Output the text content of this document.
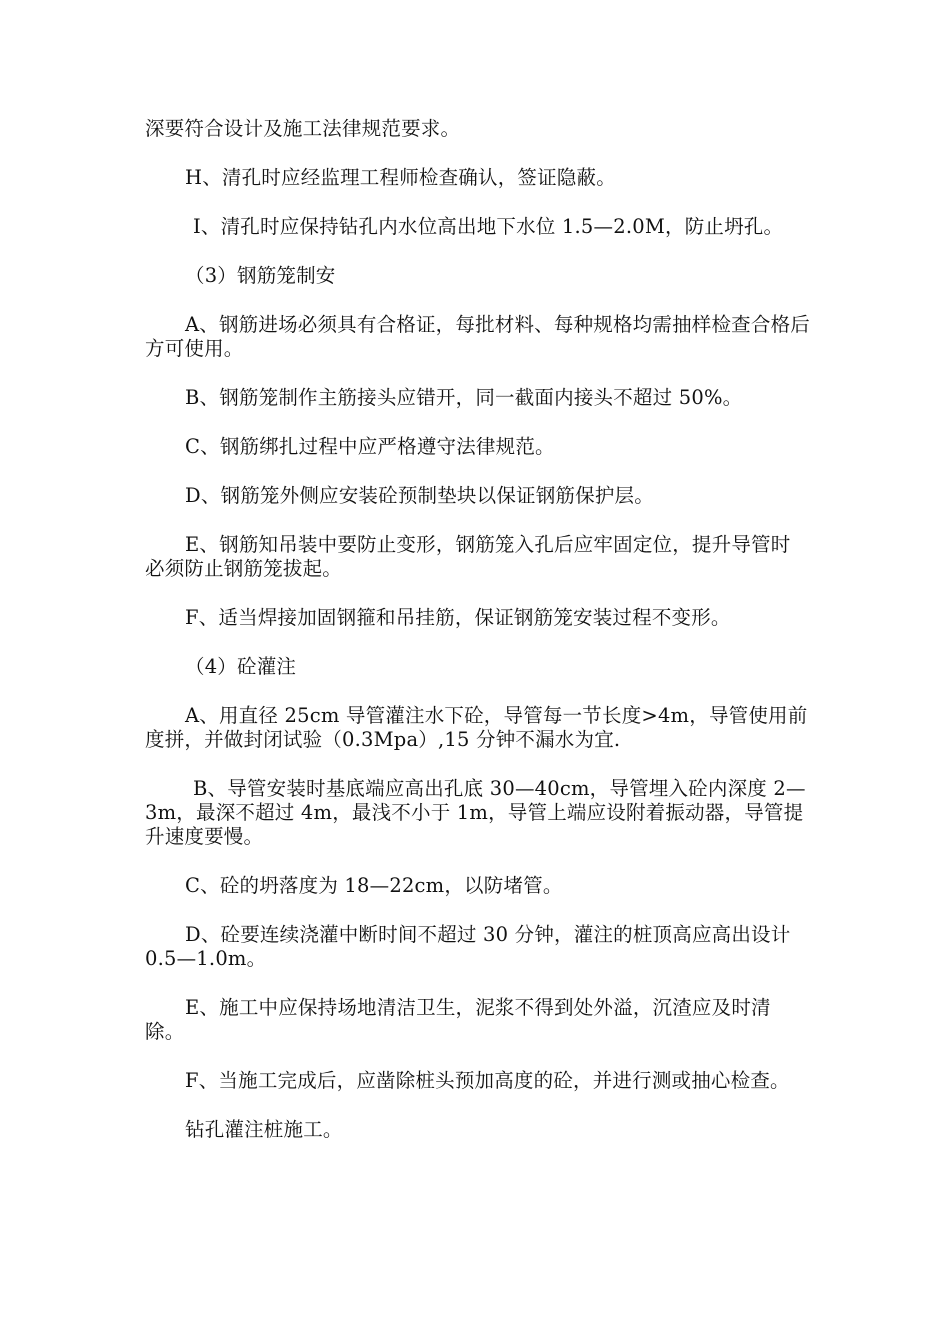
深要符合设计及施工法律规范要求。

H、清孔时应经监理工程师检查确认，签证隐蔽。

I、清孔时应保持钻孔内水位高出地下水位 1.5—2.0M，防止坍孔。

（3）钢筋笼制安

A、钢筋进场必须具有合格证，每批材料、每种规格均需抽样检查合格后方可使用。

B、钢筋笼制作主筋接头应错开，同一截面内接头不超过 50%。

C、钢筋绑扎过程中应严格遵守法律规范。

D、钢筋笼外侧应安装砼预制垫块以保证钢筋保护层。

E、钢筋知吊装中要防止变形，钢筋笼入孔后应牢固定位，提升导管时必须防止钢筋笼拔起。

F、适当焊接加固钢箍和吊挂筋，保证钢筋笼安装过程不变形。

（4）砼灌注

A、用直径 25cm 导管灌注水下砼，导管每一节长度>4m，导管使用前度拼，并做封闭试验（0.3Mpa）,15 分钟不漏水为宜.

B、导管安装时基底端应高出孔底 30—40cm，导管埋入砼内深度 2—3m，最深不超过 4m，最浅不小于 1m，导管上端应设附着振动器，导管提升速度要慢。

C、砼的坍落度为 18—22cm，以防堵管。

D、砼要连续浇灌中断时间不超过 30 分钟，灌注的桩顶高应高出设计 0.5—1.0m。

E、施工中应保持场地清洁卫生，泥浆不得到处外溢，沉渣应及时清除。

F、当施工完成后，应凿除桩头预加高度的砼，并进行测或抽心检查。

钻孔灌注桩施工。
